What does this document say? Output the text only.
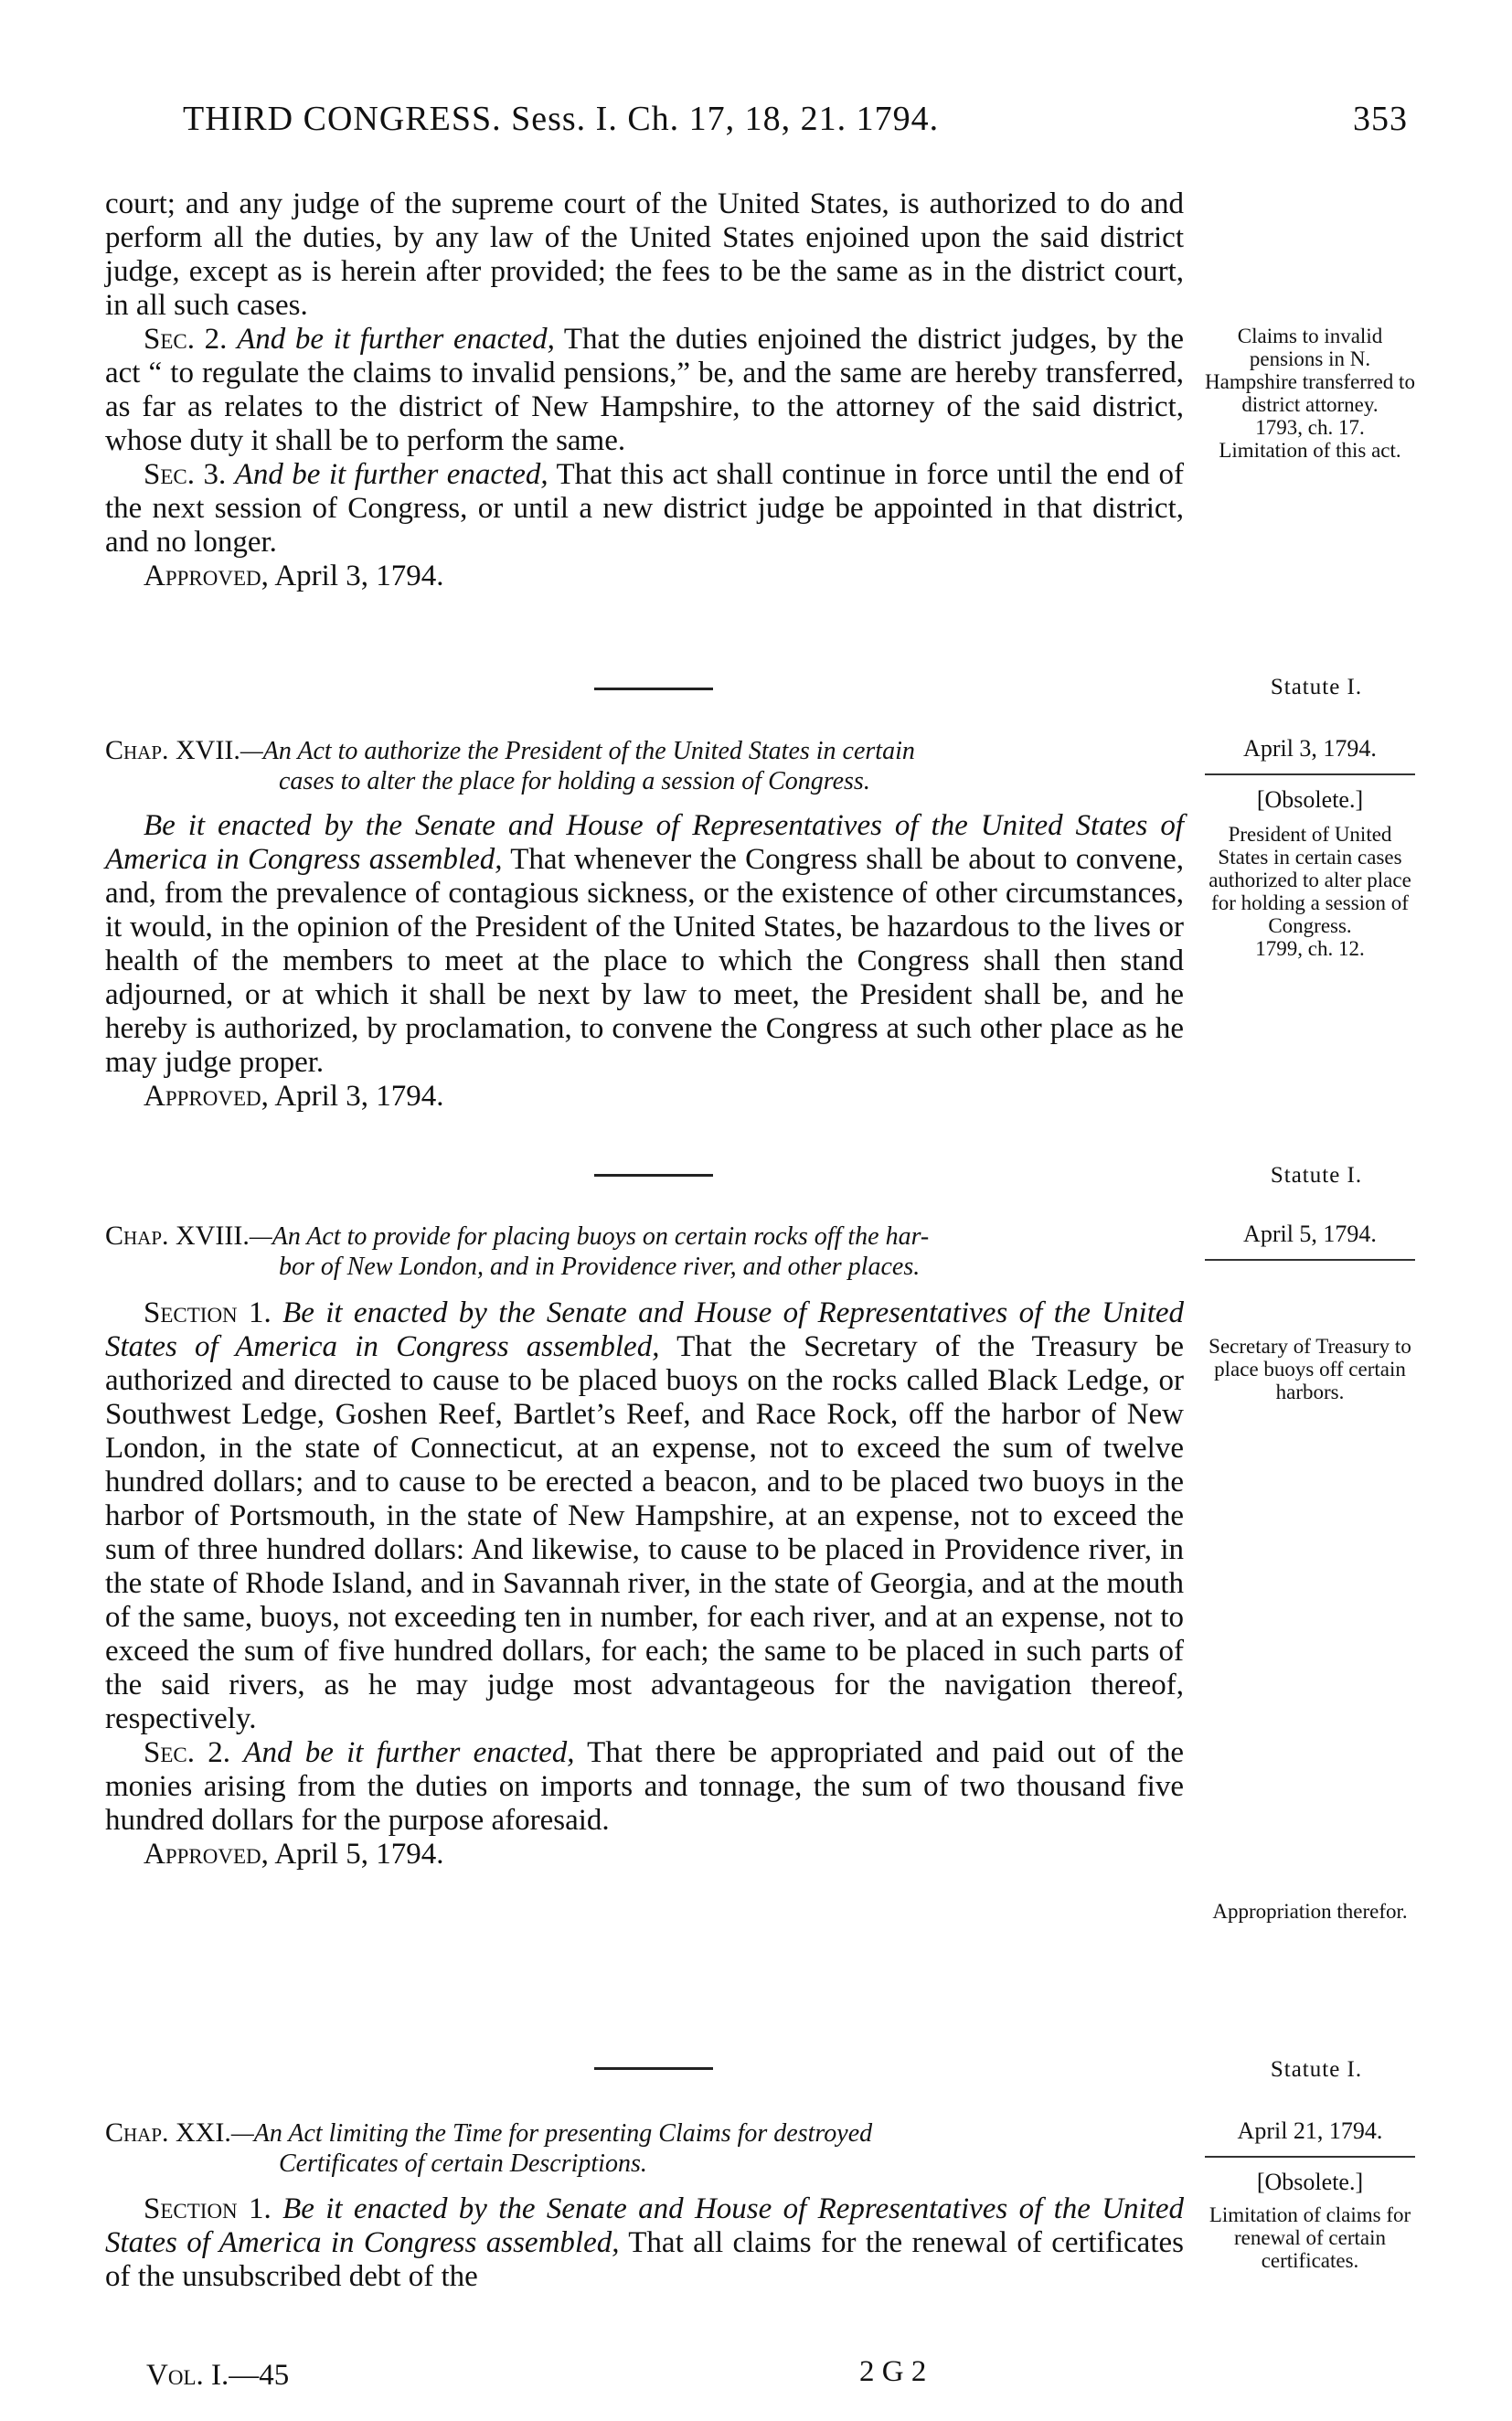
THIRD CONGRESS. Sess. I. Ch. 17, 18, 21. 1794.	353

court; and any judge of the supreme court of the United States, is authorized to do and perform all the duties, by any law of the United States enjoined upon the said district judge, except as is herein after provided; the fees to be the same as in the district court, in all such cases.

Sec. 2. And be it further enacted, That the duties enjoined the district judges, by the act “ to regulate the claims to invalid pensions,” be, and the same are hereby transferred, as far as relates to the district of New Hampshire, to the attorney of the said district, whose duty it shall be to perform the same.

Sec. 3. And be it further enacted, That this act shall continue in force until the end of the next session of Congress, or until a new district judge be appointed in that district, and no longer.

Approved, April 3, 1794.

Claims to invalid pensions in N. Hampshire transferred to district attorney.

1793, ch. 17.

Limitation of this act.

Statute I.
April 3, 1794.
[Obsolete.]
Chap. XVII.—An Act to authorize the President of the United States in certain
cases to alter the place for holding a session of Congress.

Be it enacted by the Senate and House of Representatives of the United States of America in Congress assembled, That whenever the Congress shall be about to convene, and, from the prevalence of contagious sickness, or the existence of other circumstances, it would, in the opinion of the President of the United States, be hazardous to the lives or health of the members to meet at the place to which the Congress shall then stand adjourned, or at which it shall be next by law to meet, the President shall be, and he hereby is authorized, by proclamation, to convene the Congress at such other place as he may judge proper.

Approved, April 3, 1794.

President of United States in certain cases authorized to alter place for holding a session of Congress.

1799, ch. 12.

Statute I.
April 5, 1794.
Chap. XVIII.—An Act to provide for placing buoys on certain rocks off the har-
bor of New London, and in Providence river, and other places.

Section 1. Be it enacted by the Senate and House of Representatives of the United States of America in Congress assembled, That the Secretary of the Treasury be authorized and directed to cause to be placed buoys on the rocks called Black Ledge, or Southwest Ledge, Goshen Reef, Bartlet’s Reef, and Race Rock, off the harbor of New London, in the state of Connecticut, at an expense, not to exceed the sum of twelve hundred dollars; and to cause to be erected a beacon, and to be placed two buoys in the harbor of Portsmouth, in the state of New Hampshire, at an expense, not to exceed the sum of three hundred dollars: And likewise, to cause to be placed in Providence river, in the state of Rhode Island, and in Savannah river, in the state of Georgia, and at the mouth of the same, buoys, not exceeding ten in number, for each river, and at an expense, not to exceed the sum of five hundred dollars, for each; the same to be placed in such parts of the said rivers, as he may judge most advantageous for the navigation thereof, respectively.

Sec. 2. And be it further enacted, That there be appropriated and paid out of the monies arising from the duties on imports and tonnage, the sum of two thousand five hundred dollars for the purpose aforesaid.

Approved, April 5, 1794.

Secretary of Treasury to place buoys off certain harbors.
Appropriation therefor.
Statute I.
April 21, 1794.
[Obsolete.]
Chap. XXI.—An Act limiting the Time for presenting Claims for destroyed
Certificates of certain Descriptions.

Section 1. Be it enacted by the Senate and House of Representatives of the United States of America in Congress assembled, That all claims for the renewal of certificates of the unsubscribed debt of the

Limitation of claims for renewal of certain certificates.
Vol. I.—45	2 G 2
